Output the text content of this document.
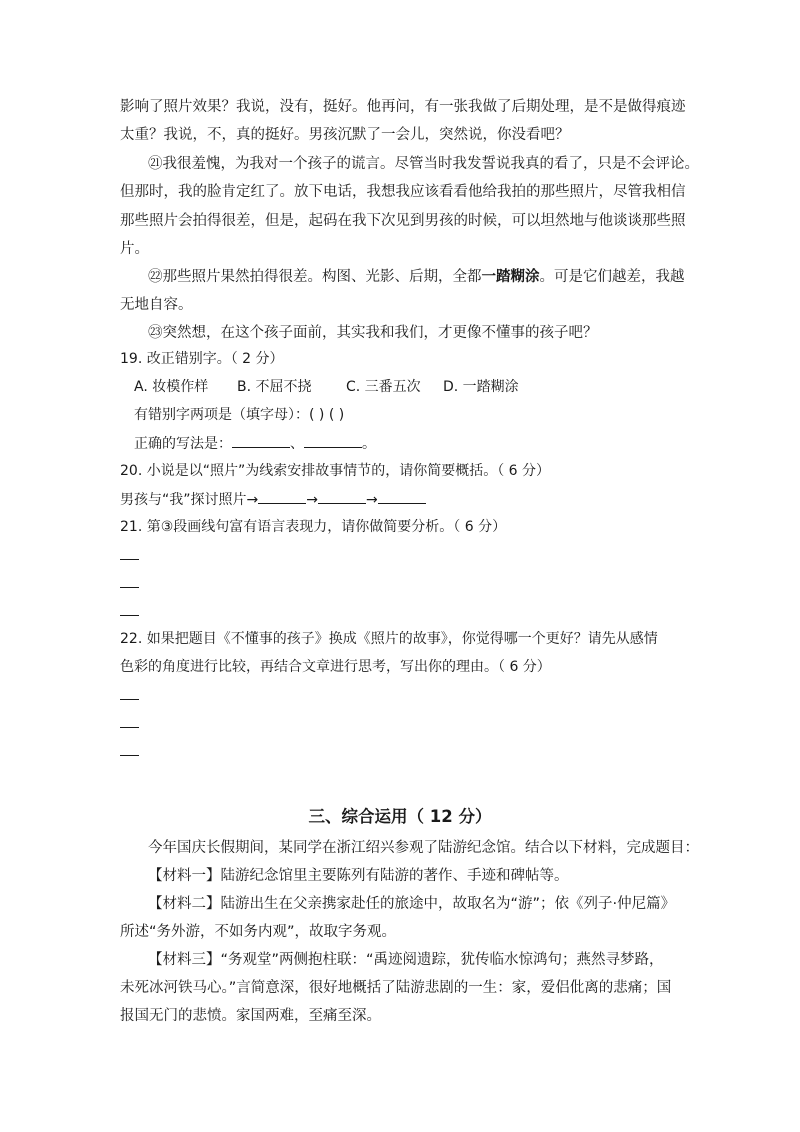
影响了照片效果？我说，没有，挺好。他再问，有一张我做了后期处理，是不是做得痕迹
太重？我说，不，真的挺好。男孩沉默了一会儿，突然说，你没看吧？
㉑我很羞愧，为我对一个孩子的谎言。尽管当时我发誓说我真的看了，只是不会评论。
但那时，我的脸肯定红了。放下电话，我想我应该看看他给我拍的那些照片，尽管我相信
那些照片会拍得很差，但是，起码在我下次见到男孩的时候，可以坦然地与他谈谈那些照
片。
㉒那些照片果然拍得很差。构图、光影、后期，全都一踏糊涂。可是它们越差，我越
无地自容。
㉓突然想，在这个孩子面前，其实我和我们，才更像不懂事的孩子吧？
19. 改正错别字。（ 2 分）
A. 妆模作样 B. 不屈不挠 C. 三番五次 D. 一踏糊涂
有错别字两项是（填字母）：( ) ( )
正确的写法是：	、	。
20. 小说是以“照片”为线索安排故事情节的，请你简要概括。（ 6 分）
男孩与“我”探讨照片→	→	→
21. 第③段画线句富有语言表现力，请你做简要分析。（ 6 分）
22. 如果把题目《不懂事的孩子》换成《照片的故事》，你觉得哪一个更好？请先从感情
色彩的角度进行比较，再结合文章进行思考，写出你的理由。（ 6 分）
三、综合运用（ 12 分）
今年国庆长假期间，某同学在浙江绍兴参观了陆游纪念馆。结合以下材料，完成题目：
【材料一】陆游纪念馆里主要陈列有陆游的著作、手迹和碑帖等。
【材料二】陆游出生在父亲携家赴任的旅途中，故取名为“游”；依《列子·仲尼篇》
所述“务外游，不如务内观”，故取字务观。
【材料三】“务观堂”两侧抱柱联：“禹迹阅遗踪，犹传临水惊鸿句；燕然寻梦路，
未死冰河铁马心。”言简意深，很好地概括了陆游悲剧的一生：家，爱侣仳离的悲痛；国
报国无门的悲愤。家国两难，至痛至深。
